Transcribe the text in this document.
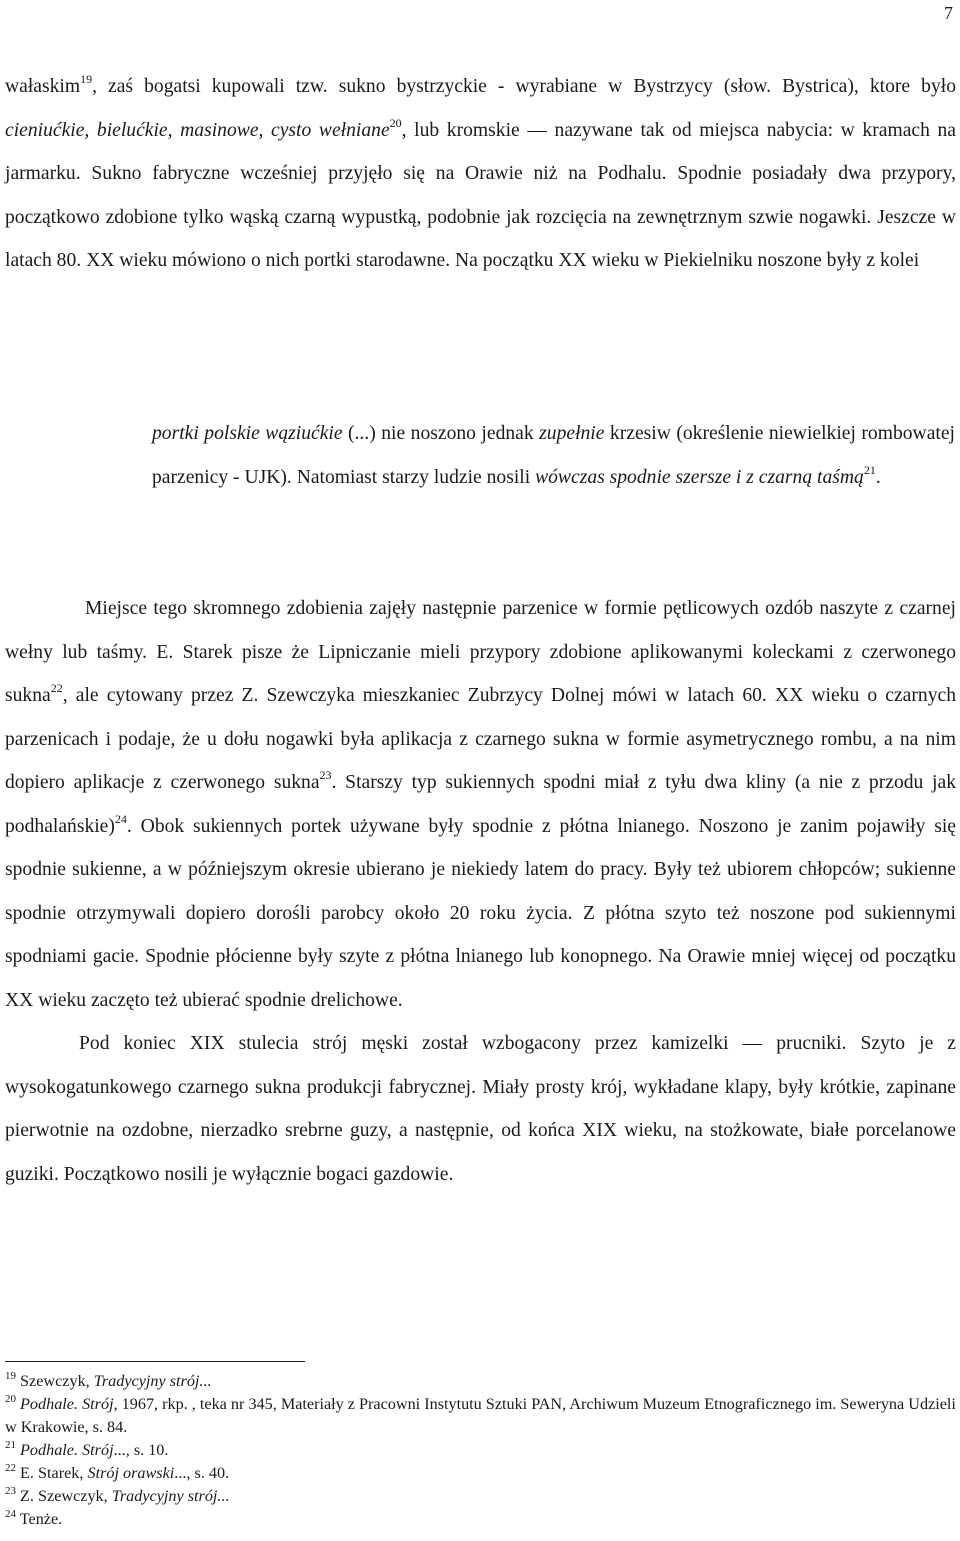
7

wałaskim$^{19}$, zaś bogatsi kupowali tzw. sukno bystrzyckie - wyrabiane w Bystrzycy (słow. Bystrica), ktore było cieniućkie, bielućkie, masinowe, cysto wełniane$^{20}$, lub kromskie — nazywane tak od miejsca nabycia: w kramach na jarmarku. Sukno fabryczne wcześniej przyjęło się na Orawie niż na Podhalu. Spodnie posiadały dwa przypory, początkowo zdobione tylko wąską czarną wypustką, podobnie jak rozcięcia na zewnętrznym szwie nogawki. Jeszcze w latach 80. XX wieku mówiono o nich portki starodawne. Na początku XX wieku w Piekielniku noszone były z kolei

portki polskie wąziućkie (...) nie noszono jednak zupełnie krzesiw (określenie niewielkiej rombowatej parzenicy - UJK). Natomiast starzy ludzie nosili wówczas spodnie szersze i z czarną taśmą$^{21}$.

Miejsce tego skromnego zdobienia zajęły następnie parzenice w formie pętlicowych ozdób naszyte z czarnej wełny lub taśmy. E. Starek pisze że Lipniczanie mieli przypory zdobione aplikowanymi koleckami z czerwonego sukna$^{22}$, ale cytowany przez Z. Szewczyka mieszkaniec Zubrzycy Dolnej mówi w latach 60. XX wieku o czarnych parzenicach i podaje, że u dołu nogawki była aplikacja z czarnego sukna w formie asymetrycznego rombu, a na nim dopiero aplikacje z czerwonego sukna$^{23}$. Starszy typ sukiennych spodni miał z tyłu dwa kliny (a nie z przodu jak podhalańskie)$^{24}$. Obok sukiennych portek używane były spodnie z płótna lnianego. Noszono je zanim pojawiły się spodnie sukienne, a w późniejszym okresie ubierano je niekiedy latem do pracy. Były też ubiorem chłopców; sukienne spodnie otrzymywali dopiero dorośli parobcy około 20 roku życia. Z płótna szyto też noszone pod sukiennymi spodniami gacie. Spodnie płócienne były szyte z płótna lnianego lub konopnego. Na Orawie mniej więcej od początku XX wieku zaczęto też ubierać spodnie drelichowe.

Pod koniec XIX stulecia strój męski został wzbogacony przez kamizelki — prucniki. Szyto je z wysokogatunkowego czarnego sukna produkcji fabrycznej. Miały prosty krój, wykładane klapy, były krótkie, zapinane pierwotnie na ozdobne, nierzadko srebrne guzy, a następnie, od końca XIX wieku, na stożkowate, białe porcelanowe guziki. Początkowo nosili je wyłącznie bogaci gazdowie.

$^{19}$ Szewczyk, Tradycyjny strój...

$^{20}$ Podhale. Strój, 1967, rkp. , teka nr 345, Materiały z Pracowni Instytutu Sztuki PAN, Archiwum Muzeum Etnograficznego im. Seweryna Udzieli w Krakowie, s. 84.

$^{21}$ Podhale. Strój..., s. 10.

$^{22}$ E. Starek, Strój orawski..., s. 40.

$^{23}$ Z. Szewczyk, Tradycyjny strój...

$^{24}$ Tenże.
